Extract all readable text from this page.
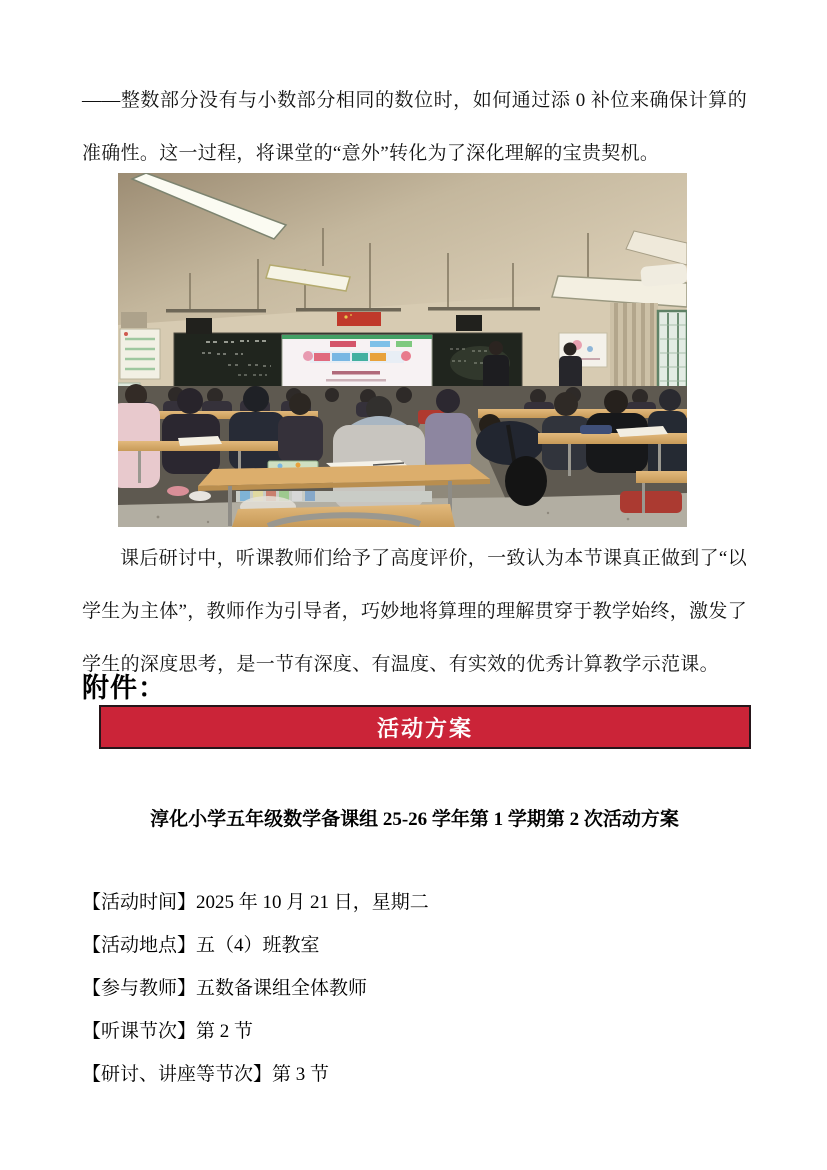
——整数部分没有与小数部分相同的数位时，如何通过添 0 补位来确保计算的准确性。这一过程，将课堂的“意外”转化为了深化理解的宝贵契机。

课后研讨中，听课教师们给予了高度评价，一致认为本节课真正做到了“以学生为主体”，教师作为引导者，巧妙地将算理的理解贯穿于教学始终，激发了学生的深度思考，是一节有深度、有温度、有实效的优秀计算教学示范课。

附件：
活动方案
淳化小学五年级数学备课组 25-26 学年第 1 学期第 2 次活动方案
【活动时间】2025 年 10 月 21 日，星期二
【活动地点】五（4）班教室
【参与教师】五数备课组全体教师
【听课节次】第 2 节
【研讨、讲座等节次】第 3 节
